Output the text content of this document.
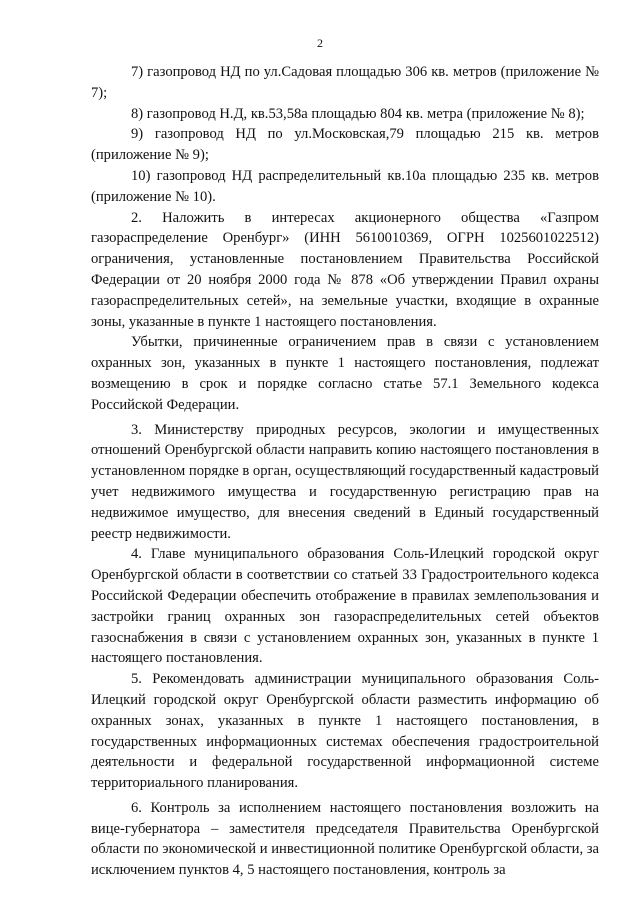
2

7) газопровод НД по ул.Садовая площадью 306 кв. метров (приложение № 7);

8) газопровод Н.Д, кв.53,58а площадью 804 кв. метра (приложение № 8);

9) газопровод НД по ул.Московская,79 площадью 215 кв. метров (приложение № 9);

10) газопровод НД распределительный кв.10а площадью 235 кв. метров (приложение № 10).

2. Наложить в интересах акционерного общества «Газпром газораспределение Оренбург» (ИНН 5610010369, ОГРН 1025601022512) ограничения, установленные постановлением Правительства Российской Федерации от 20 ноября 2000 года № 878 «Об утверждении Правил охраны газораспределительных сетей», на земельные участки, входящие в охранные зоны, указанные в пункте 1 настоящего постановления.

Убытки, причиненные ограничением прав в связи с установлением охранных зон, указанных в пункте 1 настоящего постановления, подлежат возмещению в срок и порядке согласно статье 57.1 Земельного кодекса Российской Федерации.

3. Министерству природных ресурсов, экологии и имущественных отношений Оренбургской области направить копию настоящего постановления в установленном порядке в орган, осуществляющий государственный кадастровый учет недвижимого имущества и государственную регистрацию прав на недвижимое имущество, для внесения сведений в Единый государственный реестр недвижимости.

4. Главе муниципального образования Соль-Илецкий городской округ Оренбургской области в соответствии со статьей 33 Градостроительного кодекса Российской Федерации обеспечить отображение в правилах землепользования и застройки границ охранных зон газораспределительных сетей объектов газоснабжения в связи с установлением охранных зон, указанных в пункте 1 настоящего постановления.

5. Рекомендовать администрации муниципального образования Соль-Илецкий городской округ Оренбургской области разместить информацию об охранных зонах, указанных в пункте 1 настоящего постановления, в государственных информационных системах обеспечения градостроительной деятельности и федеральной государственной информационной системе территориального планирования.

6. Контроль за исполнением настоящего постановления возложить на вице-губернатора – заместителя председателя Правительства Оренбургской области по экономической и инвестиционной политике Оренбургской области, за исключением пунктов 4, 5 настоящего постановления, контроль за
